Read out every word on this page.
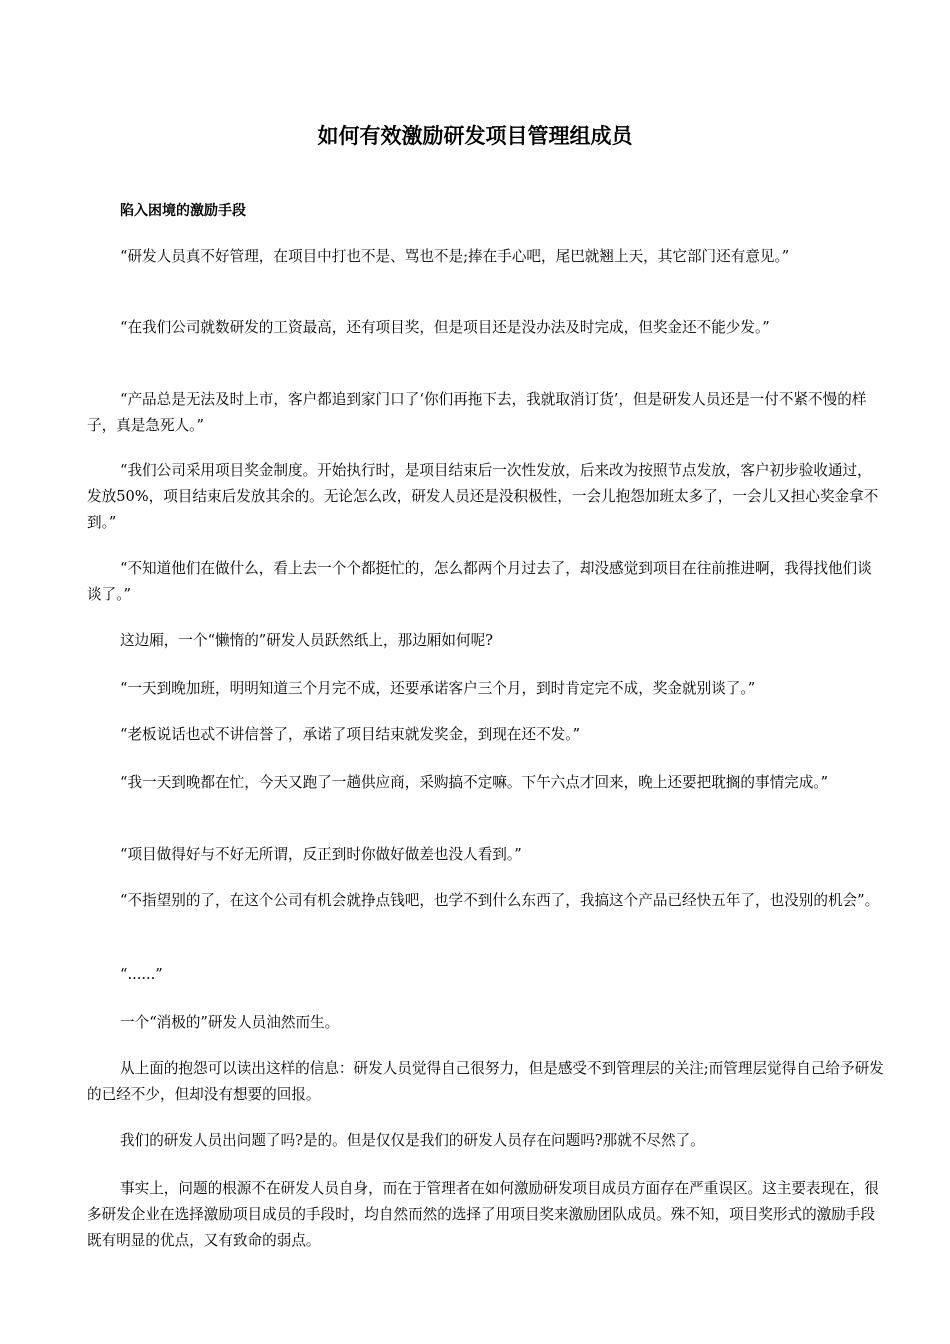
如何有效激励研发项目管理组成员
陷入困境的激励手段

“研发人员真不好管理，在项目中打也不是、骂也不是;捧在手心吧，尾巴就翘上天，其它部门还有意见。”

“在我们公司就数研发的工资最高，还有项目奖，但是项目还是没办法及时完成，但奖金还不能少发。”

“产品总是无法及时上市，客户都追到家门口了‘你们再拖下去，我就取消订货’，但是研发人员还是一付不紧不慢的样子，真是急死人。”

“我们公司采用项目奖金制度。开始执行时，是项目结束后一次性发放，后来改为按照节点发放，客户初步验收通过，发放50%，项目结束后发放其余的。无论怎么改，研发人员还是没积极性，一会儿抱怨加班太多了，一会儿又担心奖金拿不到。”

“不知道他们在做什么，看上去一个个都挺忙的，怎么都两个月过去了，却没感觉到项目在往前推进啊，我得找他们谈谈了。”

这边厢，一个“懒惰的”研发人员跃然纸上，那边厢如何呢?

“一天到晚加班，明明知道三个月完不成，还要承诺客户三个月，到时肯定完不成，奖金就别谈了。”

“老板说话也忒不讲信誉了，承诺了项目结束就发奖金，到现在还不发。”

“我一天到晚都在忙，今天又跑了一趟供应商，采购搞不定嘛。下午六点才回来，晚上还要把耽搁的事情完成。”

“项目做得好与不好无所谓，反正到时你做好做差也没人看到。”

“不指望别的了，在这个公司有机会就挣点钱吧，也学不到什么东西了，我搞这个产品已经快五年了，也没别的机会”。

“......”

一个“消极的”研发人员油然而生。

从上面的抱怨可以读出这样的信息：研发人员觉得自己很努力，但是感受不到管理层的关注;而管理层觉得自己给予研发的已经不少，但却没有想要的回报。

我们的研发人员出问题了吗?是的。但是仅仅是我们的研发人员存在问题吗?那就不尽然了。

事实上，问题的根源不在研发人员自身，而在于管理者在如何激励研发项目成员方面存在严重误区。这主要表现在，很多研发企业在选择激励项目成员的手段时，均自然而然的选择了用项目奖来激励团队成员。殊不知，项目奖形式的激励手段既有明显的优点，又有致命的弱点。
